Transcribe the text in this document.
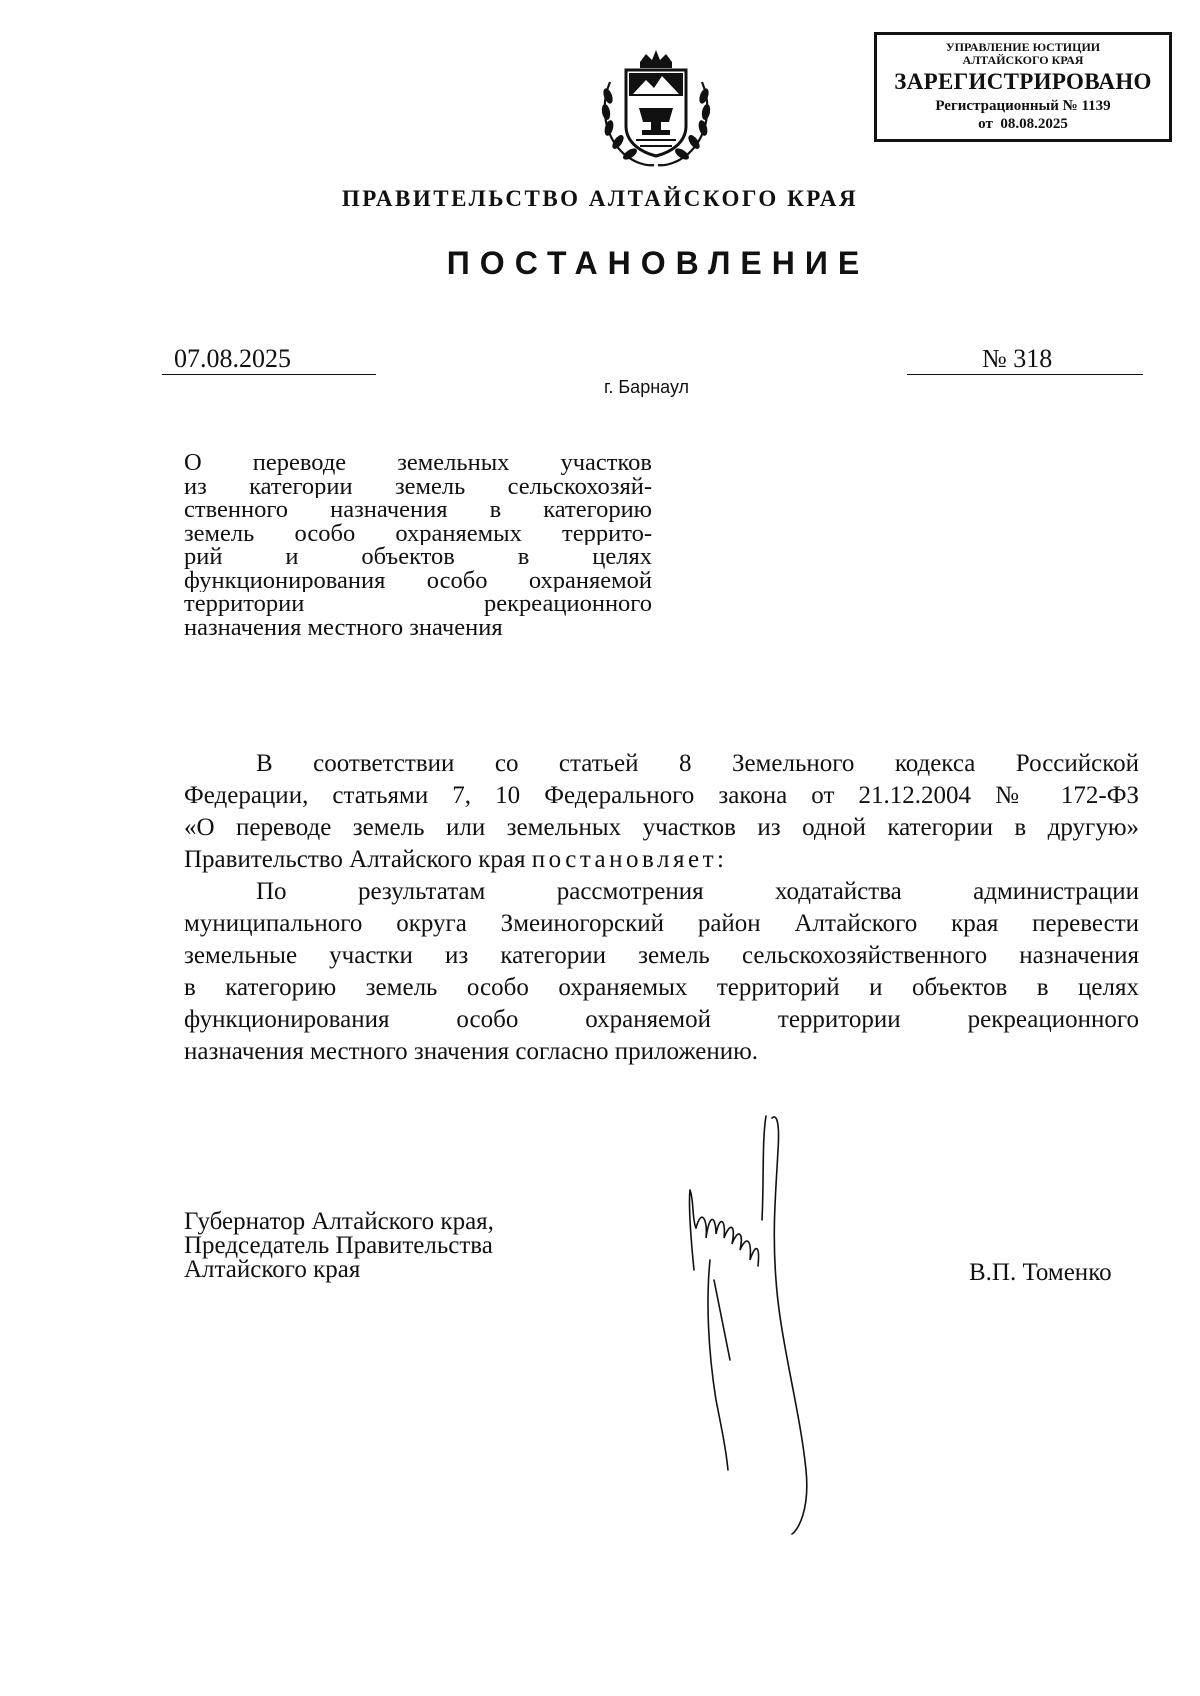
УПРАВЛЕНИЕ ЮСТИЦИИ
АЛТАЙСКОГО КРАЯ
ЗАРЕГИСТРИРОВАНО
Регистрационный № 1139
от  08.08.2025
ПРАВИТЕЛЬСТВО АЛТАЙСКОГО КРАЯ
ПОСТАНОВЛЕНИЕ
07.08.2025	№ 318
г. Барнаул
О переводе земельных участков
из категории земель сельскохозяй-
ственного назначения в категорию
земель особо охраняемых террито-
рий и объектов в целях
функционирования особо охраняемой
территории рекреационного
назначения местного значения
В соответствии со статьей 8 Земельного кодекса Российской
Федерации, статьями 7, 10 Федерального закона от 21.12.2004 № 172-ФЗ
«О переводе земель или земельных участков из одной категории в другую»
Правительство Алтайского края постановляет:
По результатам рассмотрения ходатайства администрации
муниципального округа Змеиногорский район Алтайского края перевести
земельные участки из категории земель сельскохозяйственного назначения
в категорию земель особо охраняемых территорий и объектов в целях
функционирования особо охраняемой территории рекреационного
назначения местного значения согласно приложению.
Губернатор Алтайского края,
Председатель Правительства
Алтайского края	В.П. Томенко
